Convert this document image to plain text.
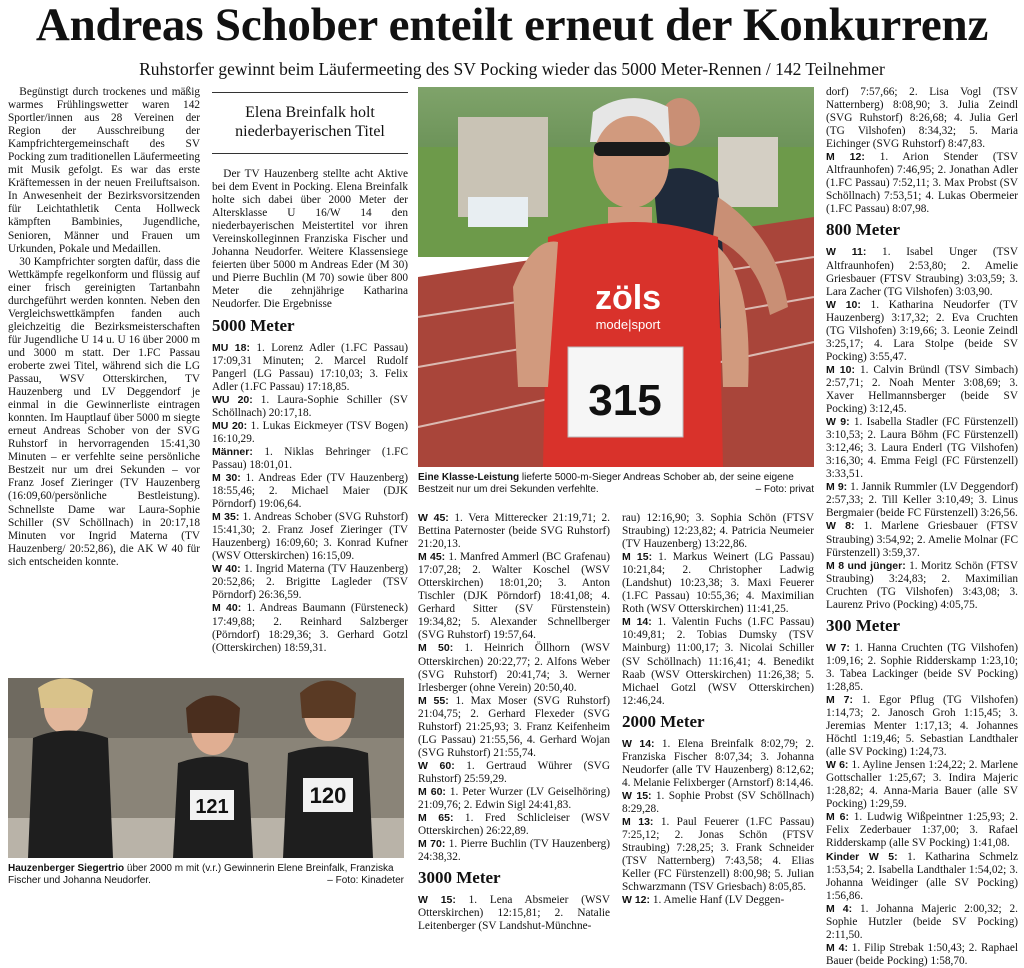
Andreas Schober enteilt erneut der Konkurrenz
Ruhstorfer gewinnt beim Läufermeeting des SV Pocking wieder das 5000 Meter-Rennen / 142 Teilnehmer

Begünstigt durch trockenes und mäßig warmes Frühlingswetter waren 142 Sportler/innen aus 28 Vereinen der Region der Ausschreibung der Kampfrichtergemeinschaft des SV Pocking zum traditionellen Läufermeeting mit Musik gefolgt. Es war das erste Kräftemessen in der neuen Freiluftsaison. In Anwesenheit der Bezirksvorsitzenden für Leichtathletik Centa Hollweck kämpften Bambinies, Jugendliche, Senioren, Männer und Frauen um Urkunden, Pokale und Medaillen.

30 Kampfrichter sorgten dafür, dass die Wettkämpfe regelkonform und flüssig auf einer frisch gereinigten Tartanbahn durchgeführt werden konnten. Neben den Vergleichswettkämpfen fanden auch gleichzeitig die Bezirksmeisterschaften für Jugendliche U 14 u. U 16 über 2000 m und 3000 m statt. Der 1.FC Passau eroberte zwei Titel, während sich die LG Passau, WSV Otterskirchen, TV Hauzenberg und LV Deggendorf je einmal in die Gewinnerliste eintragen konnten. Im Hauptlauf über 5000 m siegte erneut Andreas Schober von der SVG Ruhstorf in hervorragenden 15:41,30 Minuten – er verfehlte seine persönliche Bestzeit nur um drei Sekunden – vor Franz Josef Zieringer (TV Hauzenberg (16:09,60/persönliche Bestleistung). Schnellste Dame war Laura-Sophie Schiller (SV Schöllnach) in 20:17,18 Minuten vor Ingrid Materna (TV Hauzenberg/ 20:52,86), die AK W 40 für sich entscheiden konnte.

Elena Breinfalk holt niederbayerischen Titel

Der TV Hauzenberg stellte acht Aktive bei dem Event in Pocking. Elena Breinfalk holte sich dabei über 2000 Meter der Altersklasse U 16/W 14 den niederbayerischen Meistertitel vor ihren Vereinskolleginnen Franziska Fischer und Johanna Neudorfer. Weitere Klassensiege feierten über 5000 m Andreas Eder (M 30) und Pierre Buchlin (M 70) sowie über 800 Meter die zehnjährige Katharina Neudorfer. Die Ergebnisse

5000 Meter

MU 18: 1. Lorenz Adler (1.FC Passau) 17:09,31 Minuten; 2. Marcel Rudolf Pangerl (LG Passau) 17:10,03; 3. Felix Adler (1.FC Passau) 17:18,85.

WU 20: 1. Laura-Sophie Schiller (SV Schöllnach) 20:17,18.

MU 20: 1. Lukas Eickmeyer (TSV Bogen) 16:10,29.

Männer: 1. Niklas Behringer (1.FC Passau) 18:01,01.

M 30: 1. Andreas Eder (TV Hauzenberg) 18:55,46; 2. Michael Maier (DJK Pörndorf) 19:06,64.

M 35: 1. Andreas Schober (SVG Ruhstorf) 15:41,30; 2. Franz Josef Zieringer (TV Hauzenberg) 16:09,60; 3. Konrad Kufner (WSV Otterskirchen) 16:15,09.

W 40: 1. Ingrid Materna (TV Hauzenberg) 20:52,86; 2. Brigitte Lagleder (TSV Pörndorf) 26:36,59.

M 40: 1. Andreas Baumann (Fürsteneck) 17:49,88; 2. Reinhard Salzberger (Pörndorf) 18:29,36; 3. Gerhard Gotzl (Otterskirchen) 18:59,31.

zöls
mode|sport
315
Eine Klasse-Leistung lieferte 5000-m-Sieger Andreas Schober ab, der seine eigene Bestzeit nur um drei Sekunden verfehlte.	– Foto: privat

W 45: 1. Vera Mitterecker 21:19,71; 2. Bettina Paternoster (beide SVG Ruhstorf) 21:20,13.

M 45: 1. Manfred Ammerl (BC Grafenau) 17:07,28; 2. Walter Koschel (WSV Otterskirchen) 18:01,20; 3. Anton Tischler (DJK Pörndorf) 18:41,08; 4. Gerhard Sitter (SV Fürstenstein) 19:34,82; 5. Alexander Schnellberger (SVG Ruhstorf) 19:57,64.

M 50: 1. Heinrich Öllhorn (WSV Otterskirchen) 20:22,77; 2. Alfons Weber (SVG Ruhstorf) 20:41,74; 3. Werner Irlesberger (ohne Verein) 20:50,40.

M 55: 1. Max Moser (SVG Ruhstorf) 21:04,75; 2. Gerhard Flexeder (SVG Ruhstorf) 21:25,93; 3. Franz Keifenheim (LG Passau) 21:55,56, 4. Gerhard Wojan (SVG Ruhstorf) 21:55,74.

W 60: 1. Gertraud Wührer (SVG Ruhstorf) 25:59,29.

M 60: 1. Peter Wurzer (LV Geiselhöring) 21:09,76; 2. Edwin Sigl 24:41,83.

M 65: 1. Fred Schlicleiser (WSV Otterskirchen) 26:22,89.

M 70: 1. Pierre Buchlin (TV Hauzenberg) 24:38,32.

3000 Meter

W 15: 1. Lena Absmeier (WSV Otterskirchen) 12:15,81; 2. Natalie Leitenberger (SV Landshut-Münchne-

rau) 12:16,90; 3. Sophia Schön (FTSV Straubing) 12:23,82; 4. Patricia Neumeier (TV Hauzenberg) 13:22,86.

M 15: 1. Markus Weinert (LG Passau) 10:21,84; 2. Christopher Ladwig (Landshut) 10:23,38; 3. Maxi Feuerer (1.FC Passau) 10:55,36; 4. Maximilian Roth (WSV Otterskirchen) 11:41,25.

M 14: 1. Valentin Fuchs (1.FC Passau) 10:49,81; 2. Tobias Dumsky (TSV Mainburg) 11:00,17; 3. Nicolai Schiller (SV Schöllnach) 11:16,41; 4. Benedikt Raab (WSV Otterskirchen) 11:26,38; 5. Michael Gotzl (WSV Otterskirchen) 12:46,24.

2000 Meter

W 14: 1. Elena Breinfalk 8:02,79; 2. Franziska Fischer 8:07,34; 3. Johanna Neudorfer (alle TV Hauzenberg) 8:12,62; 4. Melanie Felixberger (Arnstorf) 8:14,46.

W 15: 1. Sophie Probst (SV Schöllnach) 8:29,28.

M 13: 1. Paul Feuerer (1.FC Passau) 7:25,12; 2. Jonas Schön (FTSV Straubing) 7:28,25; 3. Frank Schneider (TSV Natternberg) 7:43,58; 4. Elias Keller (FC Fürstenzell) 8:00,98; 5. Julian Schwarzmann (TSV Griesbach) 8:05,85.

W 12: 1. Amelie Hanf (LV Deggen-

dorf) 7:57,66; 2. Lisa Vogl (TSV Natternberg) 8:08,90; 3. Julia Zeindl (SVG Ruhstorf) 8:26,68; 4. Julia Gerl (TG Vilshofen) 8:34,32; 5. Maria Eichinger (SVG Ruhstorf) 8:47,83.

M 12: 1. Arion Stender (TSV Altfraunhofen) 7:46,95; 2. Jonathan Adler (1.FC Passau) 7:52,11; 3. Max Probst (SV Schöllnach) 7:53,51; 4. Lukas Obermeier (1.FC Passau) 8:07,98.

800 Meter

W 11: 1. Isabel Unger (TSV Altfraunhofen) 2:53,80; 2. Amelie Griesbauer (FTSV Straubing) 3:03,59; 3. Lara Zacher (TG Vilshofen) 3:03,90.

W 10: 1. Katharina Neudorfer (TV Hauzenberg) 3:17,32; 2. Eva Cruchten (TG Vilshofen) 3:19,66; 3. Leonie Zeindl 3:25,17; 4. Lara Stolpe (beide SV Pocking) 3:55,47.

M 10: 1. Calvin Bründl (TSV Simbach) 2:57,71; 2. Noah Menter 3:08,69; 3. Xaver Hellmannsberger (beide SV Pocking) 3:12,45.

W 9: 1. Isabella Stadler (FC Fürstenzell) 3:10,53; 2. Laura Böhm (FC Fürstenzell) 3:12,46; 3. Laura Enderl (TG Vilshofen) 3:16,30; 4. Emma Feigl (FC Fürstenzell) 3:33,51.

M 9: 1. Jannik Rummler (LV Deggendorf) 2:57,33; 2. Till Keller 3:10,49; 3. Linus Bergmaier (beide FC Fürstenzell) 3:26,56.

W 8: 1. Marlene Griesbauer (FTSV Straubing) 3:54,92; 2. Amelie Molnar (FC Fürstenzell) 3:59,37.

M 8 und jünger: 1. Moritz Schön (FTSV Straubing) 3:24,83; 2. Maximilian Cruchten (TG Vilshofen) 3:43,08; 3. Laurenz Privo (Pocking) 4:05,75.

300 Meter

W 7: 1. Hanna Cruchten (TG Vilshofen) 1:09,16; 2. Sophie Ridderskamp 1:23,10; 3. Tabea Lackinger (beide SV Pocking) 1:28,85.

M 7: 1. Egor Pflug (TG Vilshofen) 1:14,73; 2. Janosch Groh 1:15,45; 3. Jeremias Menter 1:17,13; 4. Johannes Höchtl 1:19,46; 5. Sebastian Landthaler (alle SV Pocking) 1:24,73.

W 6: 1. Ayline Jensen 1:24,22; 2. Marlene Gottschaller 1:25,67; 3. Indira Majeric 1:28,82; 4. Anna-Maria Bauer (alle SV Pocking) 1:29,59.

M 6: 1. Ludwig Wißpeintner 1:25,93; 2. Felix Zederbauer 1:37,00; 3. Rafael Ridderskamp (alle SV Pocking) 1:41,08.

Kinder W 5: 1. Katharina Schmelz 1:53,54; 2. Isabella Landthaler 1:54,02; 3. Johanna Weidinger (alle SV Pocking) 1:56,86.

M 4: 1. Johanna Majeric 2:00,32; 2. Sophie Hutzler (beide SV Pocking) 2:11,50.

M 4: 1. Filip Strebak 1:50,43; 2. Raphael Bauer (beide Pocking) 1:58,70.

121	120
Hauzenberger Siegertrio über 2000 m mit (v.r.) Gewinnerin Elene Breinfalk, Franziska Fischer und Johanna Neudorfer.	– Foto: Kinadeter
